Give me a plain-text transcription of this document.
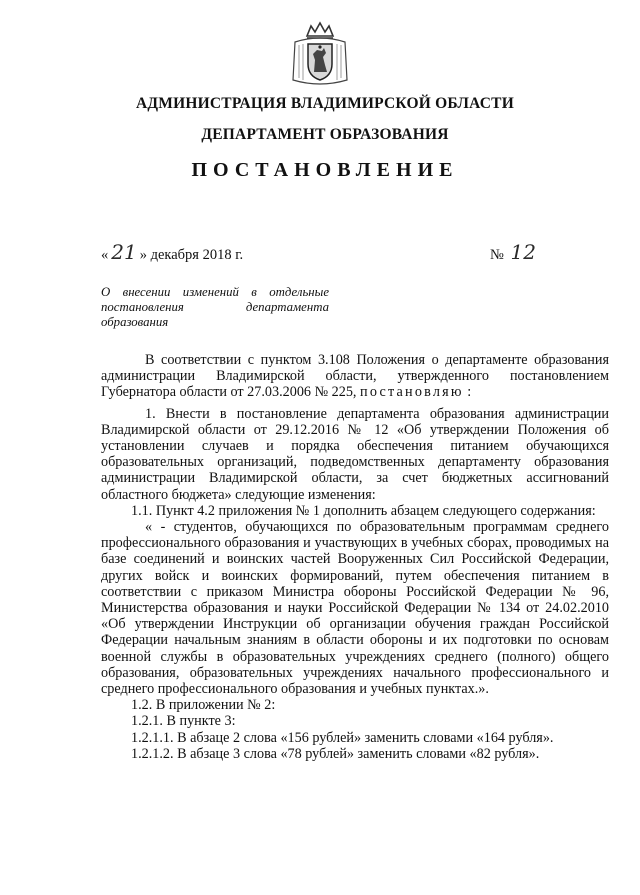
АДМИНИСТРАЦИЯ ВЛАДИМИРСКОЙ ОБЛАСТИ
ДЕПАРТАМЕНТ ОБРАЗОВАНИЯ
ПОСТАНОВЛЕНИЕ
« 21 » декабря 2018 г.	№ 12
О внесении изменений в отдельные
постановления департамента
образования

В соответствии с пунктом 3.108 Положения о департаменте образования администрации Владимирской области, утвержденного постановлением Губернатора области от 27.03.2006 № 225, постановляю :

1. Внести в постановление департамента образования администрации Владимирской области от 29.12.2016 № 12 «Об утверждении Положения об установлении случаев и порядка обеспечения питанием обучающихся образовательных организаций, подведомственных департаменту образования администрации Владимирской области, за счет бюджетных ассигнований областного бюджета» следующие изменения:

1.1. Пункт 4.2 приложения № 1 дополнить абзацем следующего содержания:

« - студентов, обучающихся по образовательным программам среднего профессионального образования и участвующих в учебных сборах, проводимых на базе соединений и воинских частей Вооруженных Сил Российской Федерации, других войск и воинских формирований, путем обеспечения питанием в соответствии с приказом Министра обороны Российской Федерации № 96, Министерства образования и науки Российской Федерации № 134 от 24.02.2010 «Об утверждении Инструкции об организации обучения граждан Российской Федерации начальным знаниям в области обороны и их подготовки по основам военной службы в образовательных учреждениях среднего (полного) общего образования, образовательных учреждениях начального профессионального и среднего профессионального образования и учебных пунктах.».

1.2. В приложении № 2:

1.2.1. В пункте 3:

1.2.1.1. В абзаце 2 слова «156 рублей» заменить словами «164 рубля».

1.2.1.2. В абзаце 3 слова «78 рублей» заменить словами «82 рубля».
